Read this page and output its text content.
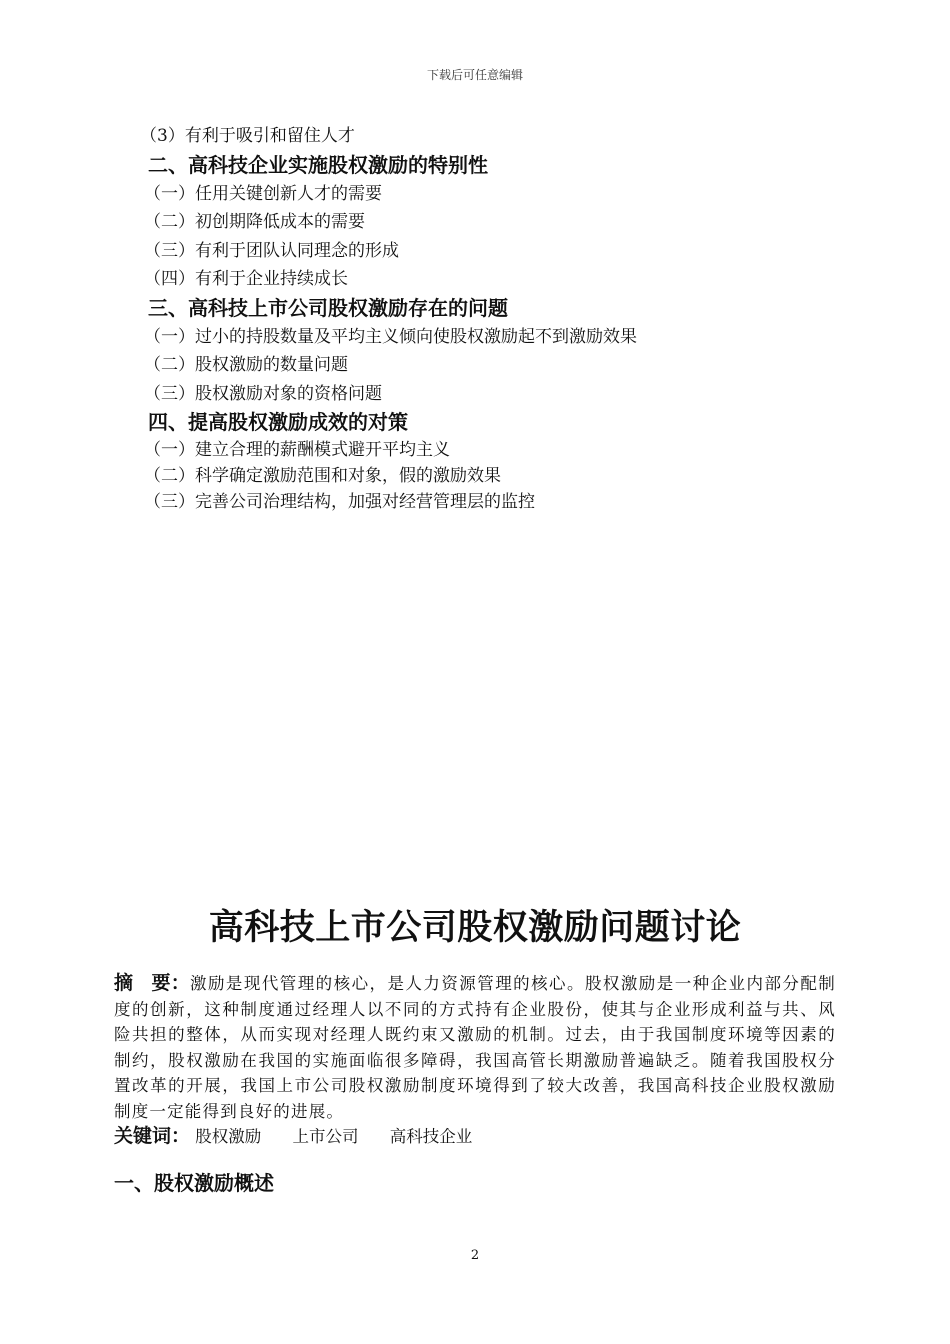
下载后可任意编辑
（3）有利于吸引和留住人才
二、高科技企业实施股权激励的特别性
（一）任用关键创新人才的需要
（二）初创期降低成本的需要
（三）有利于团队认同理念的形成
（四）有利于企业持续成长
三、高科技上市公司股权激励存在的问题
（一）过小的持股数量及平均主义倾向使股权激励起不到激励效果
（二）股权激励的数量问题
（三）股权激励对象的资格问题
四、提高股权激励成效的对策
（一）建立合理的薪酬模式避开平均主义
（二）科学确定激励范围和对象，假的激励效果
（三）完善公司治理结构，加强对经营管理层的监控
高科技上市公司股权激励问题讨论
摘 要：激励是现代管理的核心，是人力资源管理的核心。股权激励是一种企业内部分配制度的创新，这种制度通过经理人以不同的方式持有企业股份，使其与企业形成利益与共、风险共担的整体，从而实现对经理人既约束又激励的机制。过去，由于我国制度环境等因素的制约，股权激励在我国的实施面临很多障碍，我国高管长期激励普遍缺乏。随着我国股权分置改革的开展，我国上市公司股权激励制度环境得到了较大改善，我国高科技企业股权激励制度一定能得到良好的进展。
关键词： 股权激励 上市公司 高科技企业
一、股权激励概述
2
